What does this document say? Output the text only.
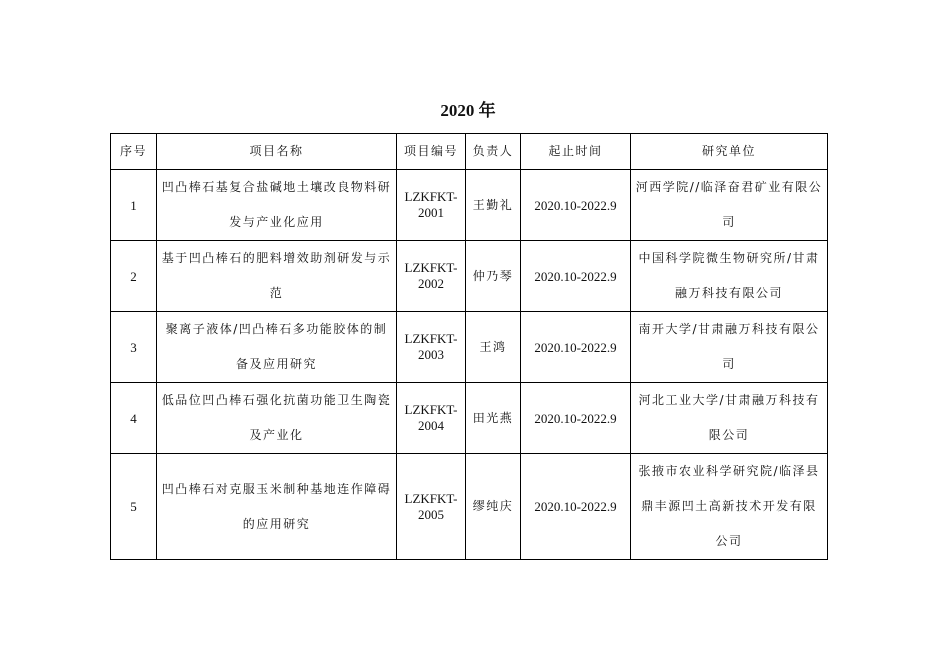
2020 年
序号	项目名称	项目编号	负责人	起止时间	研究单位
1	凹凸棒石基复合盐碱地土壤改良物料研发与产业化应用	LZKFKT-2001	王勤礼	2020.10-2022.9	河西学院//临泽奋君矿业有限公司
2	基于凹凸棒石的肥料增效助剂研发与示范	LZKFKT-2002	仲乃琴	2020.10-2022.9	中国科学院微生物研究所/甘肃融万科技有限公司
3	聚离子液体/凹凸棒石多功能胶体的制备及应用研究	LZKFKT-2003	王鸿	2020.10-2022.9	南开大学/甘肃融万科技有限公司
4	低品位凹凸棒石强化抗菌功能卫生陶瓷及产业化	LZKFKT-2004	田光燕	2020.10-2022.9	河北工业大学/甘肃融万科技有限公司
5	凹凸棒石对克服玉米制种基地连作障碍的应用研究	LZKFKT-2005	缪纯庆	2020.10-2022.9	张掖市农业科学研究院/临泽县鼎丰源凹土高新技术开发有限公司
